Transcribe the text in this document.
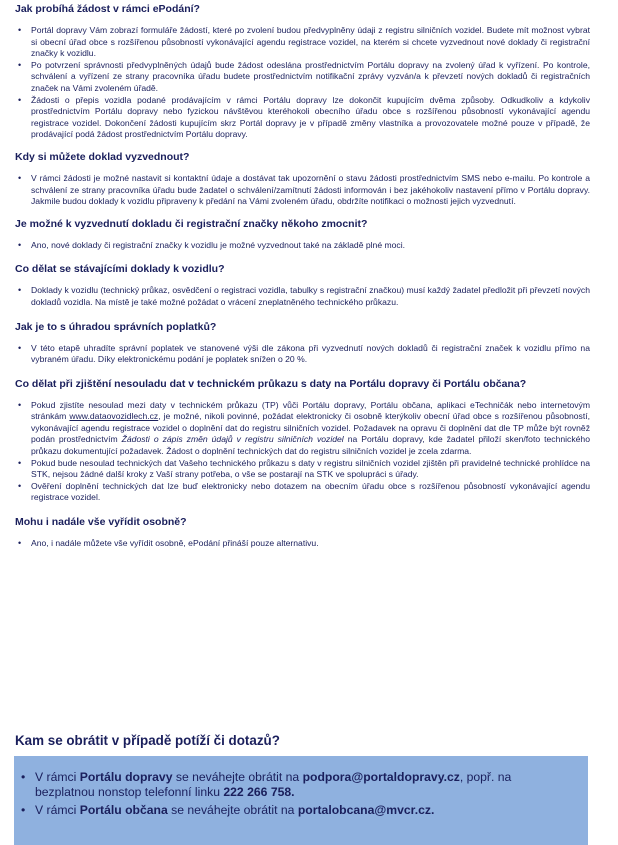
Jak probíhá žádost v rámci ePodání?
• Portál dopravy Vám zobrazí formuláře žádostí, které po zvolení budou předvyplněny údaji z registru silničních vozidel. Budete mít možnost vybrat si obecní úřad obce s rozšířenou působností vykonávající agendu registrace vozidel, na kterém si chcete vyzvednout nové doklady či registrační značky k vozidlu.
• Po potvrzení správnosti předvyplněných údajů bude žádost odeslána prostřednictvím Portálu dopravy na zvolený úřad k vyřízení. Po kontrole, schválení a vyřízení ze strany pracovníka úřadu budete prostřednictvím notifikační zprávy vyzván/a k převzetí nových dokladů či registračních značek na Vámi zvoleném úřadě.
• Žádosti o přepis vozidla podané prodávajícím v rámci Portálu dopravy lze dokončit kupujícím dvěma způsoby. Odkudkoliv a kdykoliv prostřednictvím Portálu dopravy nebo fyzickou návštěvou kteréhokoli obecního úřadu obce s rozšířenou působností vykonávající agendu registrace vozidel. Dokončení žádosti kupujícím skrz Portál dopravy je v případě změny vlastníka a provozovatele možné pouze v případě, že prodávající podá žádost prostřednictvím Portálu dopravy.
Kdy si můžete doklad vyzvednout?
• V rámci žádosti je možné nastavit si kontaktní údaje a dostávat tak upozornění o stavu žádosti prostřednictvím SMS nebo e-mailu. Po kontrole a schválení ze strany pracovníka úřadu bude žadatel o schválení/zamítnutí žádosti informován i bez jakéhokoliv nastavení přímo v Portálu dopravy. Jakmile budou doklady k vozidlu připraveny k předání na Vámi zvoleném úřadu, obdržíte notifikaci o možnosti jejich vyzvednutí.
Je možné k vyzvednutí dokladu či registrační značky někoho zmocnit?
• Ano, nové doklady či registrační značky k vozidlu je možné vyzvednout také na základě plné moci.
Co dělat se stávajícími doklady k vozidlu?
• Doklady k vozidlu (technický průkaz, osvědčení o registraci vozidla, tabulky s registrační značkou) musí každý žadatel předložit při převzetí nových dokladů vozidla. Na místě je také možné požádat o vrácení zneplatněného technického průkazu.
Jak je to s úhradou správních poplatků?
• V této etapě uhradíte správní poplatek ve stanovené výši dle zákona při vyzvednutí nových dokladů či registrační značek k vozidlu přímo na vybraném úřadu. Díky elektronickému podání je poplatek snížen o 20 %.
Co dělat při zjištění nesouladu dat v technickém průkazu s daty na Portálu dopravy či Portálu občana?
• Pokud zjistíte nesoulad mezi daty v technickém průkazu (TP) vůči Portálu dopravy, Portálu občana, aplikaci eTechničák nebo internetovým stránkám www.dataovozidlech.cz, je možné, nikoli povinné, požádat elektronicky či osobně kterýkoliv obecní úřad obce s rozšířenou působností, vykonávající agendu registrace vozidel o doplnění dat do registru silničních vozidel. Požadavek na opravu či doplnění dat dle TP může být rovněž podán prostřednictvím Žádosti o zápis změn údajů v registru silničních vozidel na Portálu dopravy, kde žadatel přiloží sken/foto technického průkazu dokumentující požadavek. Žádost o doplnění technických dat do registru silničních vozidel je zcela zdarma.
• Pokud bude nesoulad technických dat Vašeho technického průkazu s daty v registru silničních vozidel zjištěn při pravidelné technické prohlídce na STK, nejsou žádné další kroky z Vaší strany potřeba, o vše se postarají na STK ve spolupráci s úřady.
• Ověření doplnění technických dat lze buď elektronicky nebo dotazem na obecním úřadu obce s rozšířenou působností vykonávající agendu registrace vozidel.
Mohu i nadále vše vyřídit osobně?
• Ano, i nadále můžete vše vyřídit osobně, ePodání přináší pouze alternativu.
Kam se obrátit v případě potíží či dotazů?
• V rámci Portálu dopravy se neváhejte obrátit na podpora@portaldopravy.cz, popř. na bezplatnou nonstop telefonní linku 222 266 758.
• V rámci Portálu občana se neváhejte obrátit na portalobcana@mvcr.cz.
